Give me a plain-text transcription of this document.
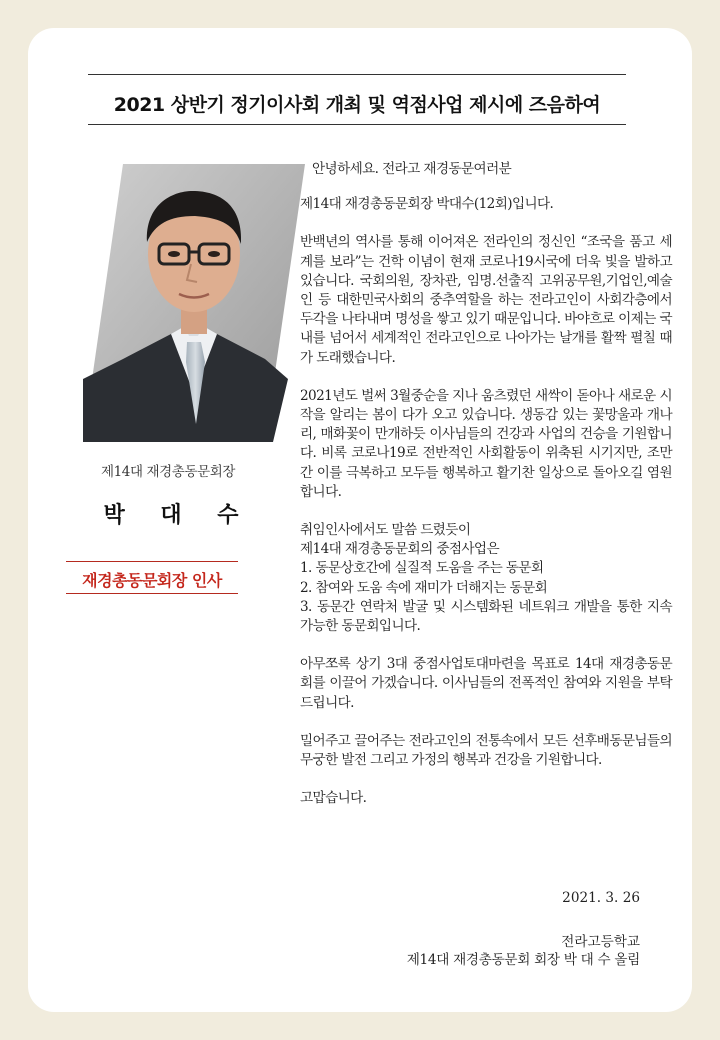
2021 상반기 정기이사회 개최 및 역점사업 제시에 즈음하여
제14대 재경총동문회장
박 대 수
재경총동문회장 인사

안녕하세요. 전라고 재경동문여러분

제14대 재경총동문회장 박대수(12회)입니다.

반백년의 역사를 통해 이어져온 전라인의 정신인 “조국을 품고 세계를 보라”는 건학 이념이 현재 코로나19시국에 더욱 빛을 발하고 있습니다. 국회의원, 장차관, 임명.선출직 고위공무원,기업인,예술인 등 대한민국사회의 중추역할을 하는 전라고인이 사회각층에서 두각을 나타내며 명성을 쌓고 있기 때문입니다. 바야흐로 이제는 국내를 넘어서 세계적인 전라고인으로 나아가는 날개를 활짝 펼칠 때가 도래했습니다.

2021년도 벌써 3월중순을 지나 움츠렸던 새싹이 돋아나 새로운 시작을 알리는 봄이 다가 오고 있습니다. 생동감 있는 꽃망울과 개나리, 매화꽃이 만개하듯 이사님들의 건강과 사업의 건승을 기원합니다. 비록 코로나19로 전반적인 사회활동이 위축된 시기지만, 조만간 이를 극복하고 모두들 행복하고 활기찬 일상으로 돌아오길 염원합니다.

취임인사에서도 말씀 드렸듯이
제14대 재경총동문회의 중점사업은
1. 동문상호간에 실질적 도움을 주는 동문회
2. 참여와 도움 속에 재미가 더해지는 동문회
3. 동문간 연락처 발굴 및 시스템화된 네트워크 개발을 통한 지속 가능한 동문회입니다.

아무쪼록 상기 3대 중점사업토대마련을 목표로 14대 재경총동문회를 이끌어 가겠습니다. 이사님들의 전폭적인 참여와 지원을 부탁드립니다.

밀어주고 끌어주는 전라고인의 전통속에서 모든 선후배동문님들의 무궁한 발전 그리고 가정의 행복과 건강을 기원합니다.

고맙습니다.

2021. 3. 26
전라고등학교
제14대 재경총동문회 회장 박 대 수 올림
